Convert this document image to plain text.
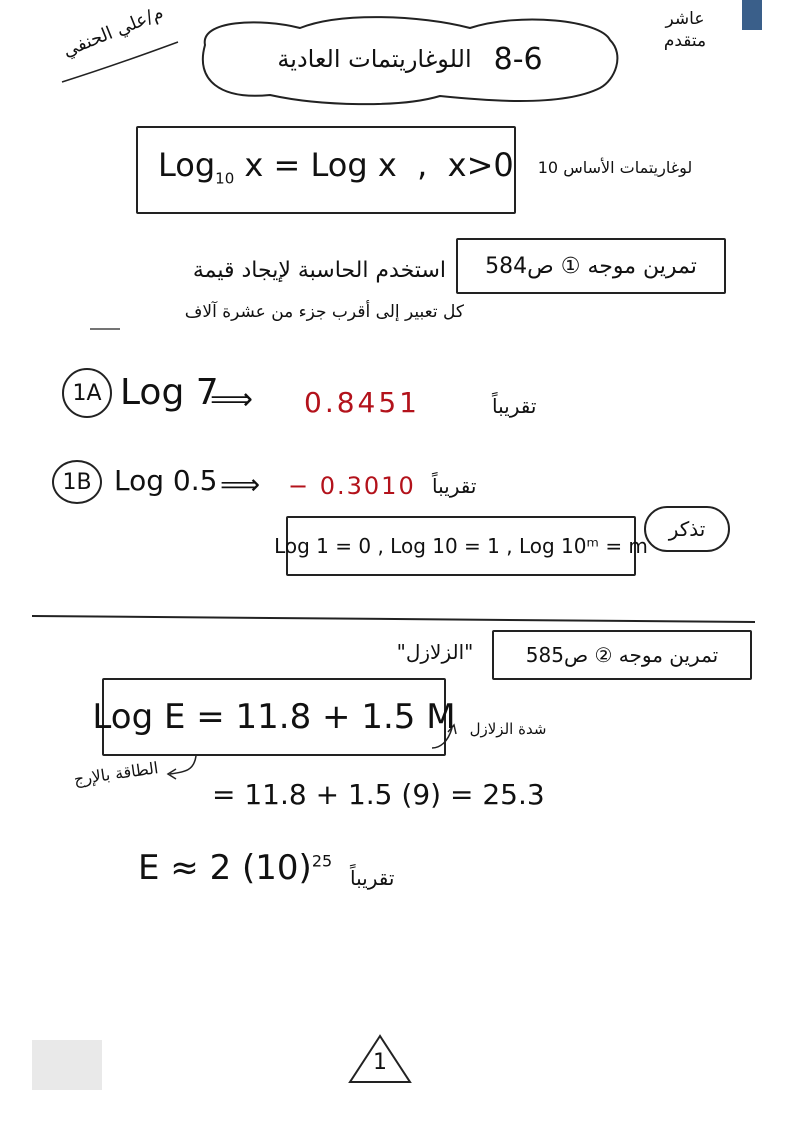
عاشر
متقدم
م/علي الحنفي	8-6
اللوغاريتمات العادية
Log$_{10}$ x = Log x  ,  x>0	لوغاريتمات الأساس 10
تمرين موجه ① ص584
استخدم الحاسبة لإيجاد قيمة
كل تعبير إلى أقرب جزء من عشرة آلاف
1A Log 7
⟹ 0.8451	تقريباً
1B Log 0.5 ⟹ − 0.3010 تقريباً
Log 1 = 0 , Log 10 = 1 , Log 10ᵐ = m
تذكر
تمرين موجه ② ص585
"الزلازل"
Log E = 11.8 + 1.5 M شدة الزلازل
الطاقة بالإرج
= 11.8 + 1.5 (9) = 25.3
E ≈ 2 $(10)^{25}$
تقريباً
1
